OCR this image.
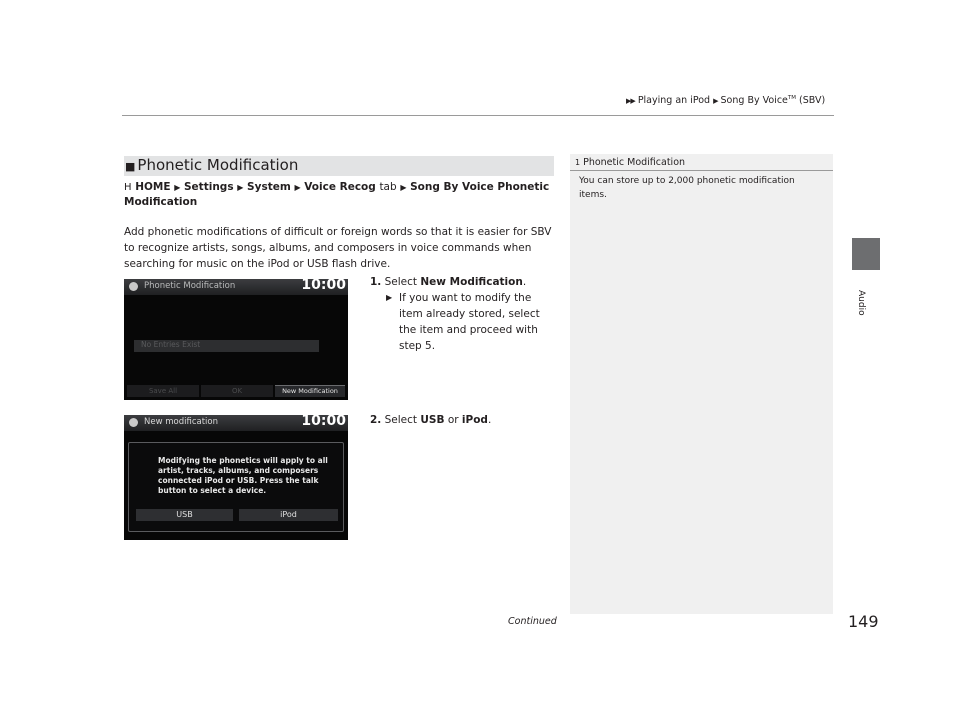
▶▶ Playing an iPod ▶ Song By Voice™ (SBV)
Audio
■ Phonetic Modification
H HOME ▶ Settings ▶ System ▶ Voice Recog tab ▶ Song By Voice Phonetic Modification
Add phonetic modifications of difficult or foreign words so that it is easier for SBV to recognize artists, songs, albums, and composers in voice commands when searching for music on the iPod or USB flash drive.
1. Select New Modification.
▶ If you want to modify the item already stored, select the item and proceed with step 5.
2. Select USB or iPod.
Phonetic Modification	10:00
No Entries Exist
Save All	OK	New Modification
New modification	10:00
Modifying the phonetics will apply to all artist, tracks, albums, and composers connected iPod or USB. Press the talk button to select a device.
USB	iPod
1 Phonetic Modification
You can store up to 2,000 phonetic modification items.
Continued	149
